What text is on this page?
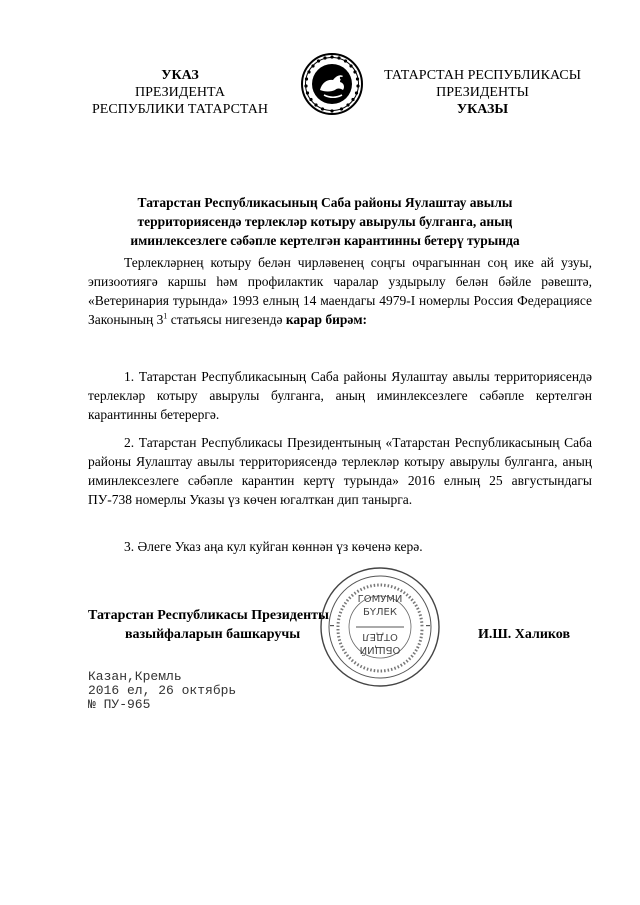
УКАЗ
ПРЕЗИДЕНТА
РЕСПУБЛИКИ ТАТАРСТАН
ТАТАРСТАН РЕСПУБЛИКАСЫ
ПРЕЗИДЕНТЫ
УКАЗЫ
Татарстан Республикасының Саба районы Яулаштау авылы территориясендә терлекләр котыру авырулы булганга, аның иминлексезлеге сәбәпле кертелгән карантинны бетерү турында

Терлекләрнең котыру белән чирләвенең соңгы очрагыннан соң ике ай узуы, эпизоотиягә каршы һәм профилактик чаралар уздырылу белән бәйле рәвештә, «Ветеринария турында» 1993 елның 14 маендагы 4979-I номерлы Россия Федерациясе Законының $3^1$ статьясы нигезендә карар бирәм:

1. Татарстан Республикасының Саба районы Яулаштау авылы территориясендә терлекләр котыру авырулы булганга, аның иминлексезлеге сәбәпле кертелгән карантинны бетерергә.

2. Татарстан Республикасы Президентының «Татарстан Республикасының Саба районы Яулаштау авылы территориясендә терлекләр котыру авырулы булганга, аның иминлексезлеге сәбәпле карантин кертү турында» 2016 елның 25 августындагы ПУ-738 номерлы Указы үз көчен югалткан дип танырга.

3. Әлеге Указ аңа кул куйган көннән үз көченә керә.

ГОМУМИ
БҮЛЕК
ОТДЕЛ
ОБЩИЙ
Татарстан Республикасы Президенты
вазыйфаларын башкаручы	И.Ш. Халиков
Казан,Кремль
2016 ел, 26 октябрь
№ ПУ-965
